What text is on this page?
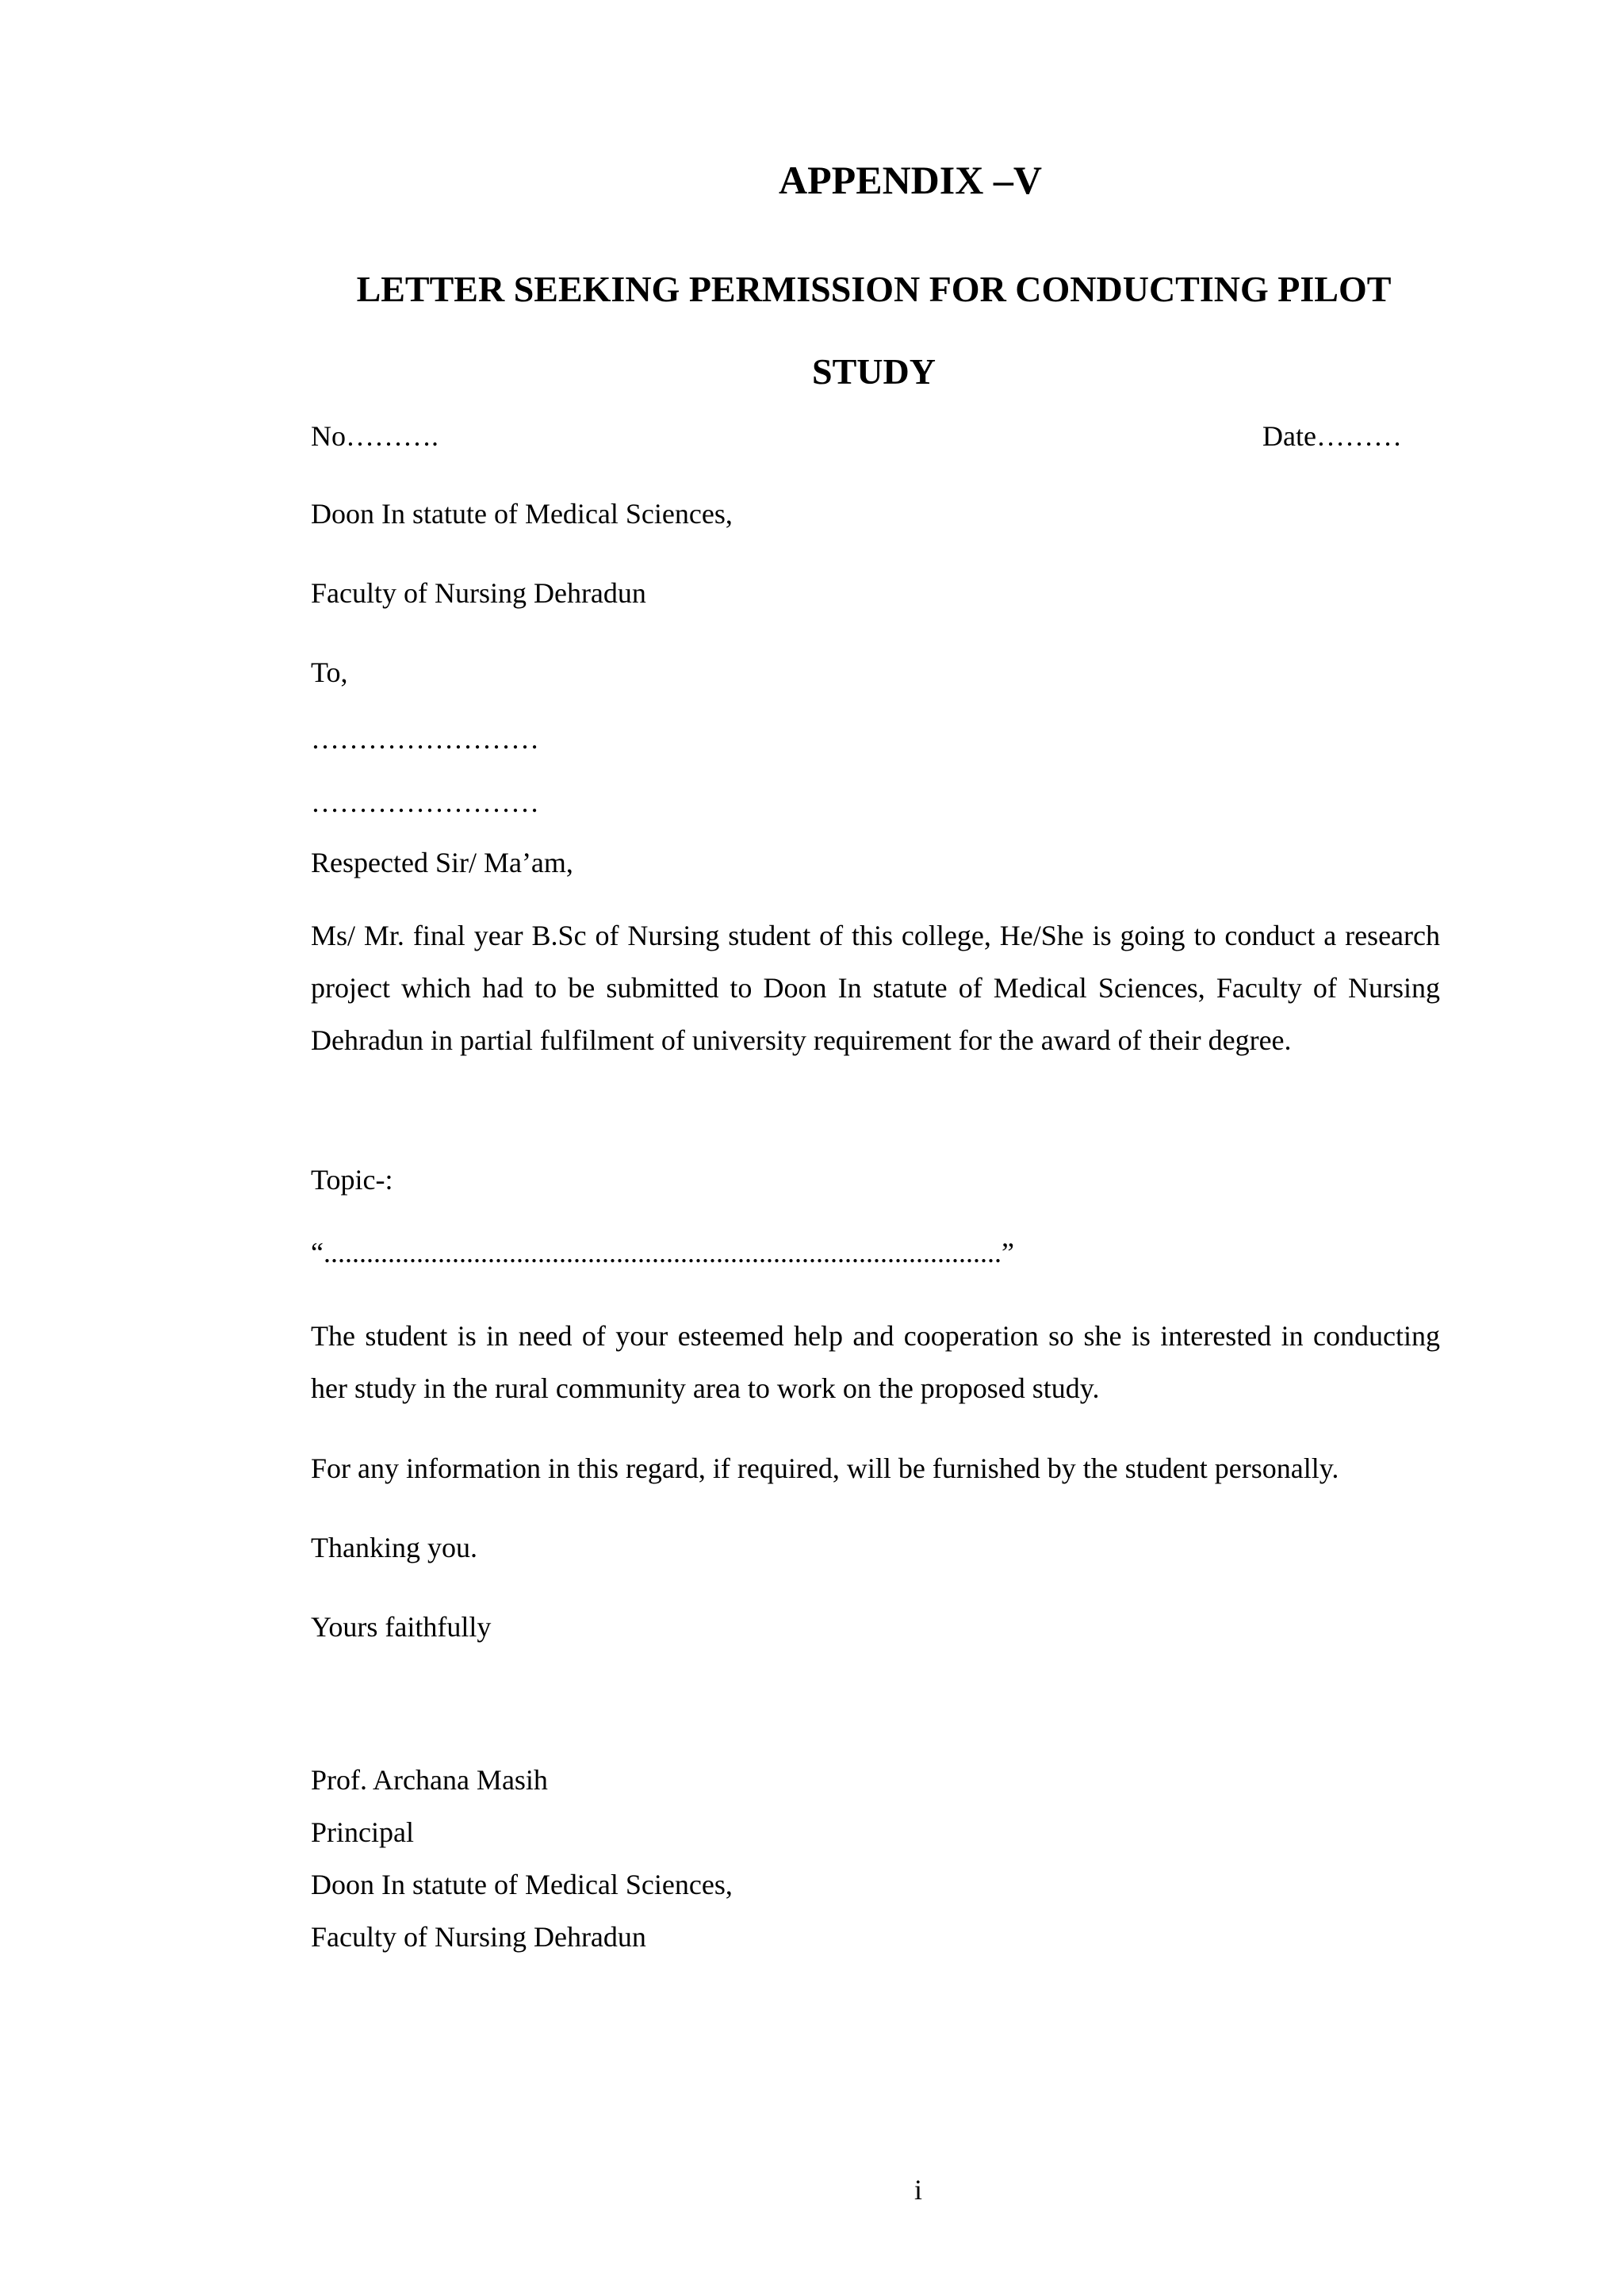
APPENDIX –V
LETTER SEEKING PERMISSION FOR CONDUCTING PILOT STUDY

No……….	Date………

Doon In statute of Medical Sciences,

Faculty of Nursing Dehradun

To,

……………………

……………………

Respected Sir/ Ma’am,

Ms/ Mr. final year B.Sc of Nursing student of this college, He/She is going to conduct a research project which had to be submitted to Doon In statute of Medical Sciences, Faculty of Nursing Dehradun in partial fulfilment of university requirement for the award of their degree.

Topic-:

“...............................................................................................”

The student is in need of your esteemed help and cooperation so she is interested in conducting her study in the rural community area to work on the proposed study.

For any information in this regard, if required, will be furnished by the student personally.

Thanking you.

Yours faithfully

Prof. Archana Masih

Principal

Doon In statute of Medical Sciences,

Faculty of Nursing Dehradun

i
